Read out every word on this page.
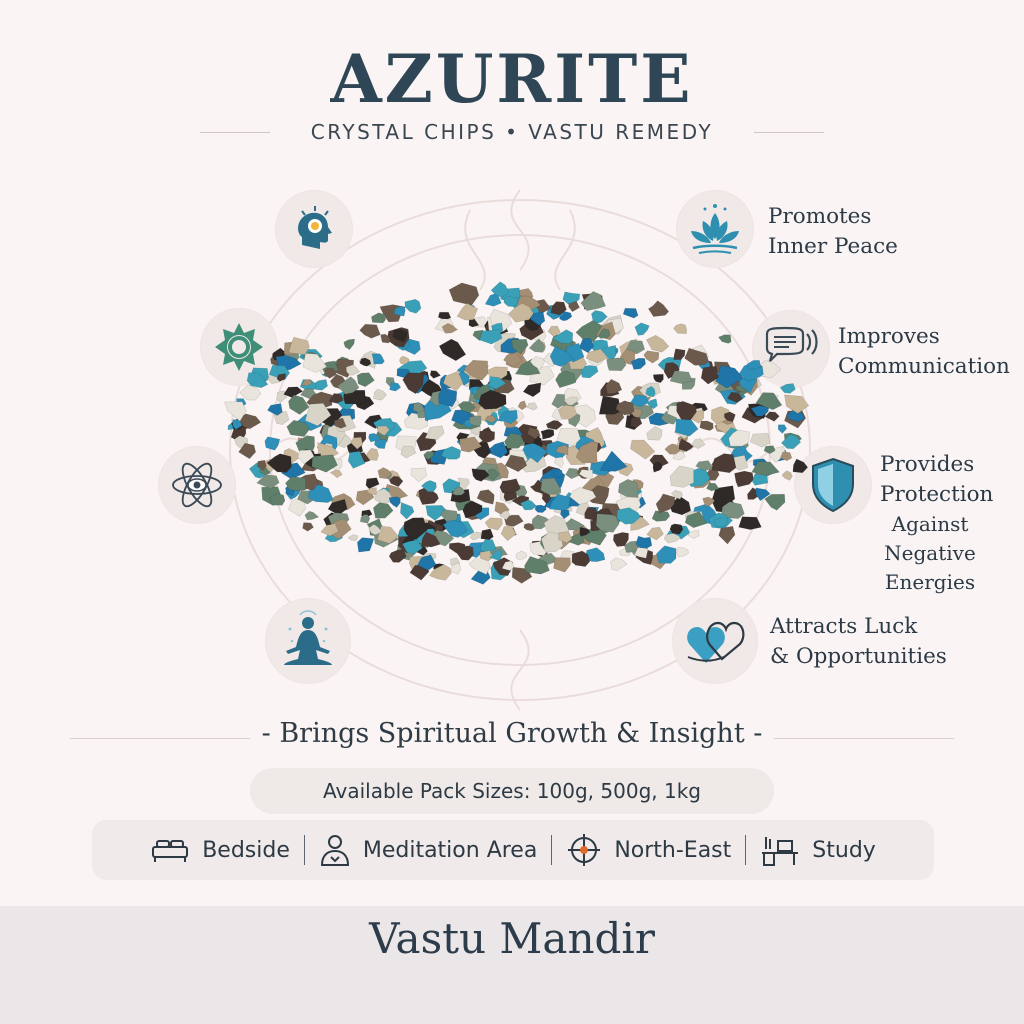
AZURITE
CRYSTAL CHIPS • VASTU REMEDY
Promotes
Inner Peace
Improves
Communication
Provides
Protection
Against
Negative Energies
Attracts Luck
& Opportunities
- Brings Spiritual Growth & Insight -
Available Pack Sizes: 100g, 500g, 1kg
Bedside	Meditation Area	North-East	Study
Vastu Mandir
